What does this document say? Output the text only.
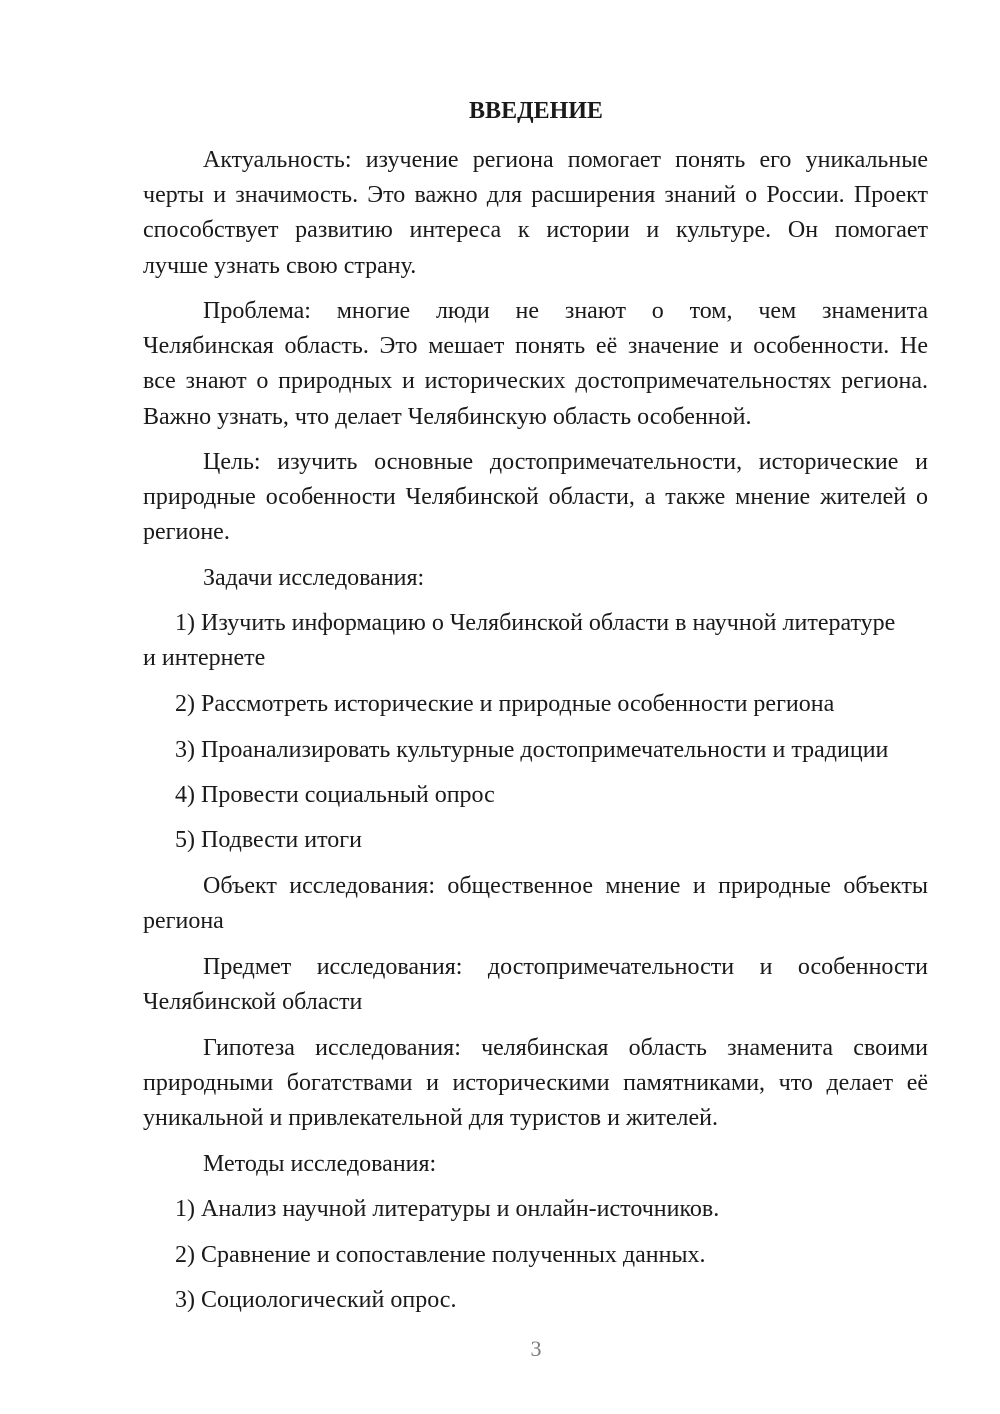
ВВЕДЕНИЕ
Актуальность: изучение региона помогает понять его уникальные
черты и значимость. Это важно для расширения знаний о России. Проект
способствует развитию интереса к истории и культуре. Он помогает
лучше узнать свою страну.
Проблема: многие люди не знают о том, чем знаменита
Челябинская область. Это мешает понять её значение и особенности. Не
все знают о природных и исторических достопримечательностях региона.
Важно узнать, что делает Челябинскую область особенной.
Цель: изучить основные достопримечательности, исторические и
природные особенности Челябинской области, а также мнение жителей о
регионе.
Задачи исследования:
1) Изучить информацию о Челябинской области в научной литературе
и интернете
2) Рассмотреть исторические и природные особенности региона
3) Проанализировать культурные достопримечательности и традиции
4) Провести социальный опрос
5) Подвести итоги
Объект исследования: общественное мнение и природные объекты
региона
Предмет исследования: достопримечательности и особенности
Челябинской области
Гипотеза исследования: челябинская область знаменита своими
природными богатствами и историческими памятниками, что делает её
уникальной и привлекательной для туристов и жителей.
Методы исследования:
1) Анализ научной литературы и онлайн-источников.
2) Сравнение и сопоставление полученных данных.
3) Социологический опрос.
3
